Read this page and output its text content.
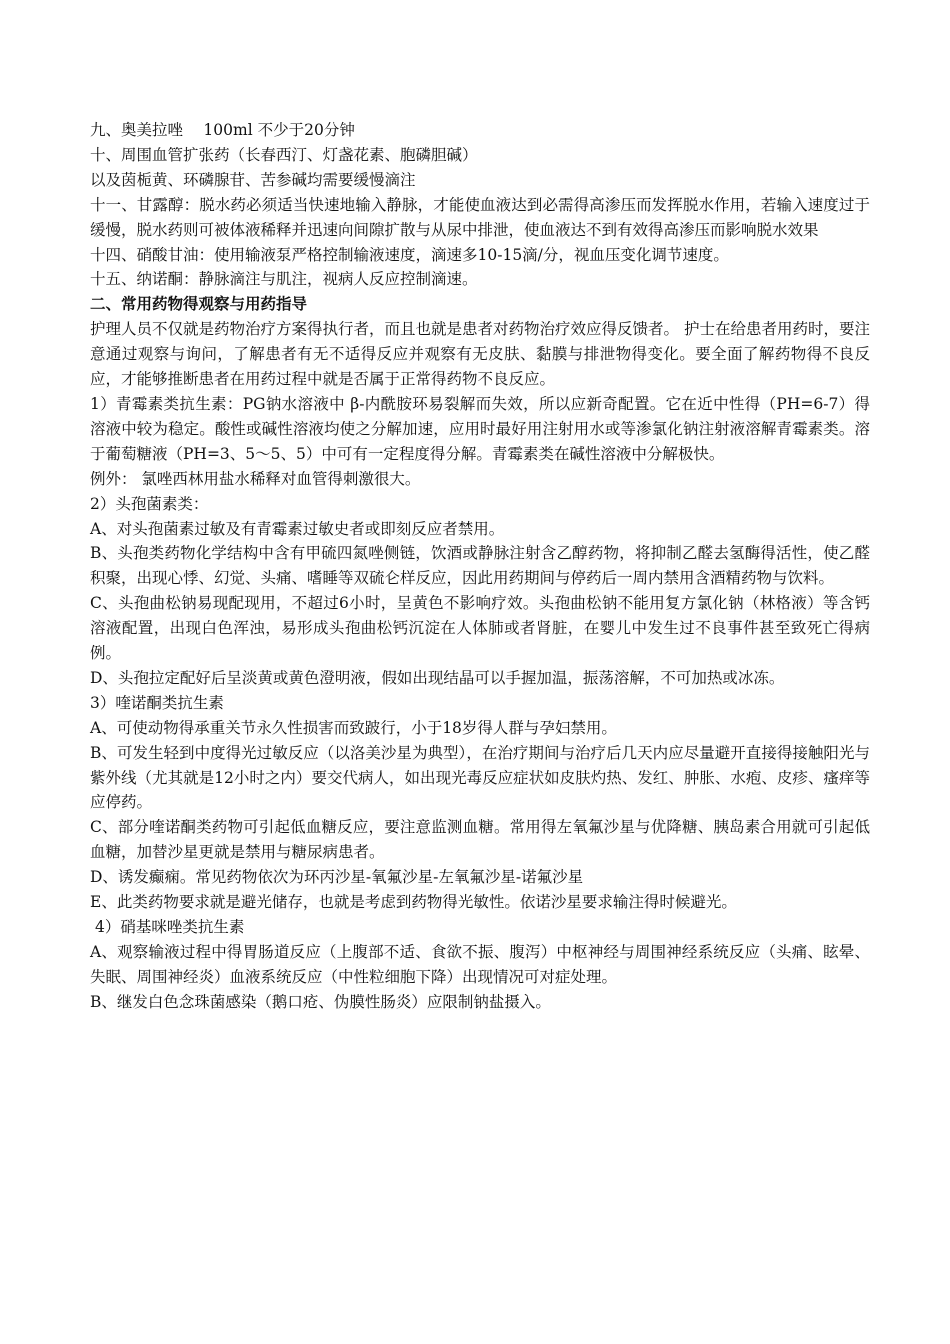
九、奥美拉唑　 100ml 不少于20分钟

十、周围血管扩张药（长春西汀、灯盏花素、胞磷胆碱）

以及茵栀黄、环磷腺苷、苦参碱均需要缓慢滴注

十一、甘露醇：脱水药必须适当快速地输入静脉，才能使血液达到必需得高渗压而发挥脱水作用，若输入速度过于缓慢，脱水药则可被体液稀释并迅速向间隙扩散与从尿中排泄，使血液达不到有效得高渗压而影响脱水效果

十四、硝酸甘油：使用输液泵严格控制输液速度，滴速多10-15滴/分，视血压变化调节速度。

十五、纳诺酮：静脉滴注与肌注，视病人反应控制滴速。

二、常用药物得观察与用药指导

护理人员不仅就是药物治疗方案得执行者，而且也就是患者对药物治疗效应得反馈者。 护士在给患者用药时，要注意通过观察与询问，了解患者有无不适得反应并观察有无皮肤、黏膜与排泄物得变化。要全面了解药物得不良反应，才能够推断患者在用药过程中就是否属于正常得药物不良反应。

1）青霉素类抗生素：PG钠水溶液中 β-内酰胺环易裂解而失效，所以应新奇配置。它在近中性得（PH=6-7）得溶液中较为稳定。酸性或碱性溶液均使之分解加速，应用时最好用注射用水或等渗氯化钠注射液溶解青霉素类。溶于葡萄糖液（PH=3、5～5、5）中可有一定程度得分解。青霉素类在碱性溶液中分解极快。

例外： 氯唑西林用盐水稀释对血管得刺激很大。

2）头孢菌素类：

A、对头孢菌素过敏及有青霉素过敏史者或即刻反应者禁用。

B、头孢类药物化学结构中含有甲硫四氮唑侧链，饮酒或静脉注射含乙醇药物，将抑制乙醛去氢酶得活性，使乙醛积聚，出现心悸、幻觉、头痛、嗜睡等双硫仑样反应，因此用药期间与停药后一周内禁用含酒精药物与饮料。

C、头孢曲松钠易现配现用，不超过6小时，呈黄色不影响疗效。头孢曲松钠不能用复方氯化钠（林格液）等含钙溶液配置，出现白色浑浊，易形成头孢曲松钙沉淀在人体肺或者肾脏，在婴儿中发生过不良事件甚至致死亡得病例。

D、头孢拉定配好后呈淡黄或黄色澄明液，假如出现结晶可以手握加温，振荡溶解，不可加热或冰冻。

3）喹诺酮类抗生素

A、可使动物得承重关节永久性损害而致跛行，小于18岁得人群与孕妇禁用。

B、可发生轻到中度得光过敏反应（以洛美沙星为典型），在治疗期间与治疗后几天内应尽量避开直接得接触阳光与紫外线（尤其就是12小时之内）要交代病人，如出现光毒反应症状如皮肤灼热、发红、肿胀、水疱、皮疹、瘙痒等应停药。

C、部分喹诺酮类药物可引起低血糖反应，要注意监测血糖。常用得左氧氟沙星与优降糖、胰岛素合用就可引起低血糖，加替沙星更就是禁用与糖尿病患者。

D、诱发癫痫。常见药物依次为环丙沙星-氧氟沙星-左氧氟沙星-诺氟沙星

E、此类药物要求就是避光储存，也就是考虑到药物得光敏性。依诺沙星要求输注得时候避光。

4）硝基咪唑类抗生素

A、观察输液过程中得胃肠道反应（上腹部不适、食欲不振、腹泻）中枢神经与周围神经系统反应（头痛、眩晕、失眠、周围神经炎）血液系统反应（中性粒细胞下降）出现情况可对症处理。

B、继发白色念珠菌感染（鹅口疮、伪膜性肠炎）应限制钠盐摄入。
